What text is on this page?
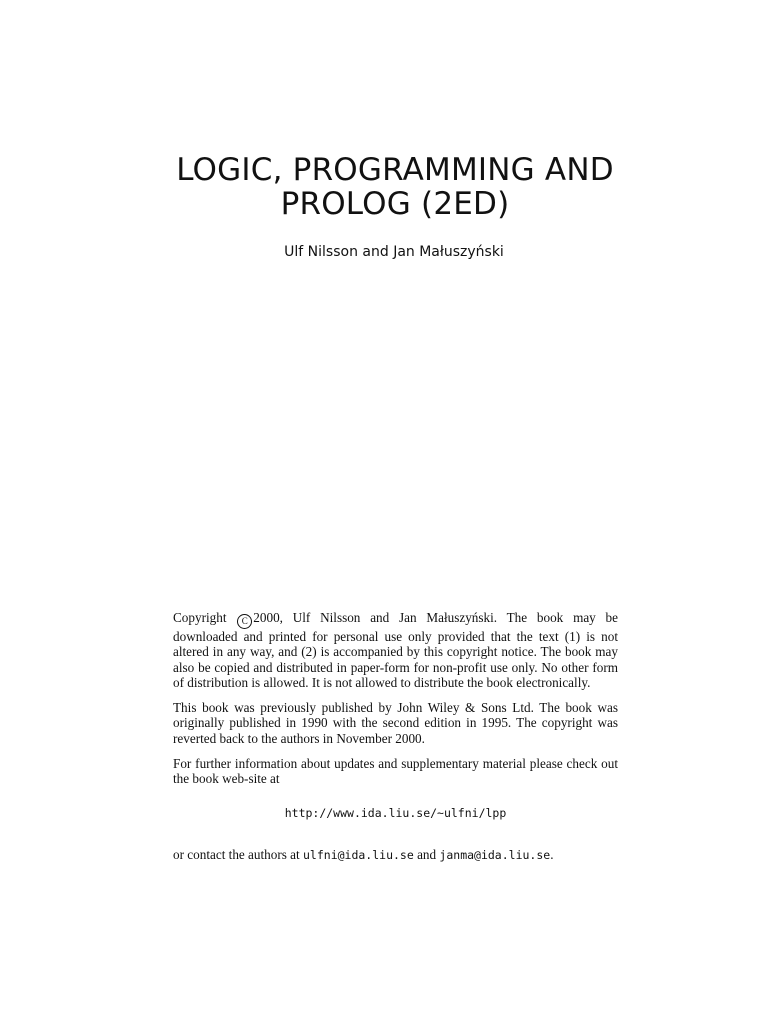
LOGIC, PROGRAMMING AND
PROLOG (2ED)
Ulf Nilsson and Jan Małuszyński

Copyright C 2000, Ulf Nilsson and Jan Małuszyński. The book may be downloaded and printed for personal use only provided that the text (1) is not altered in any way, and (2) is accompanied by this copyright notice. The book may also be copied and distributed in paper-form for non-profit use only. No other form of distribution is allowed. It is not allowed to distribute the book electronically.

This book was previously published by John Wiley & Sons Ltd. The book was originally published in 1990 with the second edition in 1995. The copyright was reverted back to the authors in November 2000.

For further information about updates and supplementary material please check out the book web-site at

http://www.ida.liu.se/~ulfni/lpp

or contact the authors at ulfni@ida.liu.se and janma@ida.liu.se.
